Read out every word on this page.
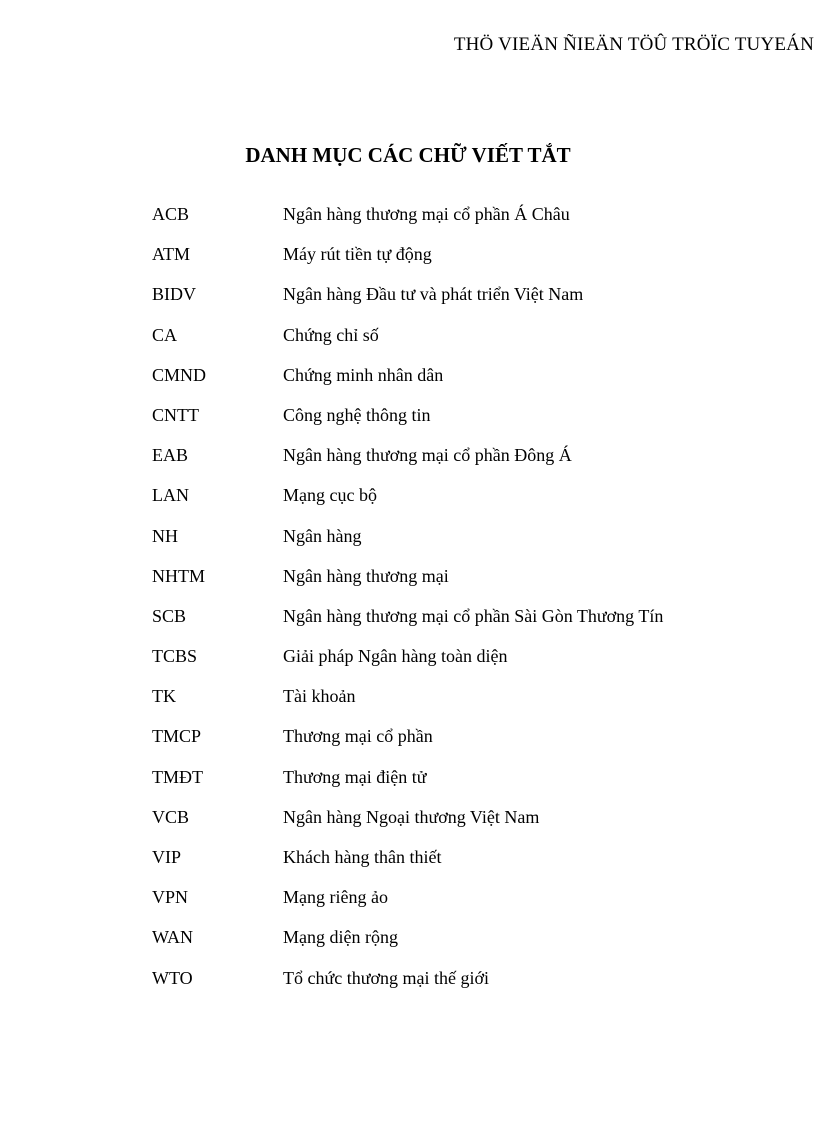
THÖ VIEÄN ÑIEÄN TÖÛ TRÖÏC TUYEÁN
DANH MỤC CÁC CHỮ VIẾT TẮT
ACB	Ngân hàng thương mại cổ phần Á Châu
ATM	Máy rút tiền tự động
BIDV	Ngân hàng Đầu tư và phát triển Việt Nam
CA	Chứng chỉ số
CMND	Chứng minh nhân dân
CNTT	Công nghệ thông tin
EAB	Ngân hàng thương mại cổ phần Đông Á
LAN	Mạng cục bộ
NH	Ngân hàng
NHTM	Ngân hàng thương mại
SCB	Ngân hàng thương mại cổ phần Sài Gòn Thương Tín
TCBS	Giải pháp Ngân hàng toàn diện
TK	Tài khoản
TMCP	Thương mại cổ phần
TMĐT	Thương mại điện tử
VCB	Ngân hàng Ngoại thương Việt Nam
VIP	Khách hàng thân thiết
VPN	Mạng riêng ảo
WAN	Mạng diện rộng
WTO	Tổ chức thương mại thế giới
